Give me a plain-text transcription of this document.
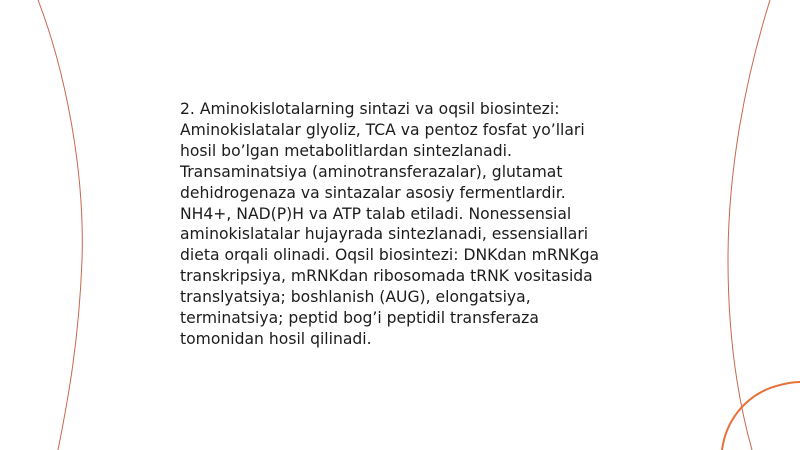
2. Aminokislotalarning sintazi va oqsil biosintezi:
Aminokislatalar glyoliz, TCA va pentoz fosfat yo’llari
hosil bo’lgan metabolitlardan sintezlanadi.
Transaminatsiya (aminotransferazalar), glutamat
dehidrogenaza va sintazalar asosiy fermentlardir.
NH4+, NAD(P)H va ATP talab etiladi. Nonessensial
aminokislatalar hujayrada sintezlanadi, essensiallari
dieta orqali olinadi. Oqsil biosintezi: DNKdan mRNKga
transkripsiya, mRNKdan ribosomada tRNK vositasida
translyatsiya; boshlanish (AUG), elongatsiya,
terminatsiya; peptid bog’i peptidil transferaza
tomonidan hosil qilinadi.
